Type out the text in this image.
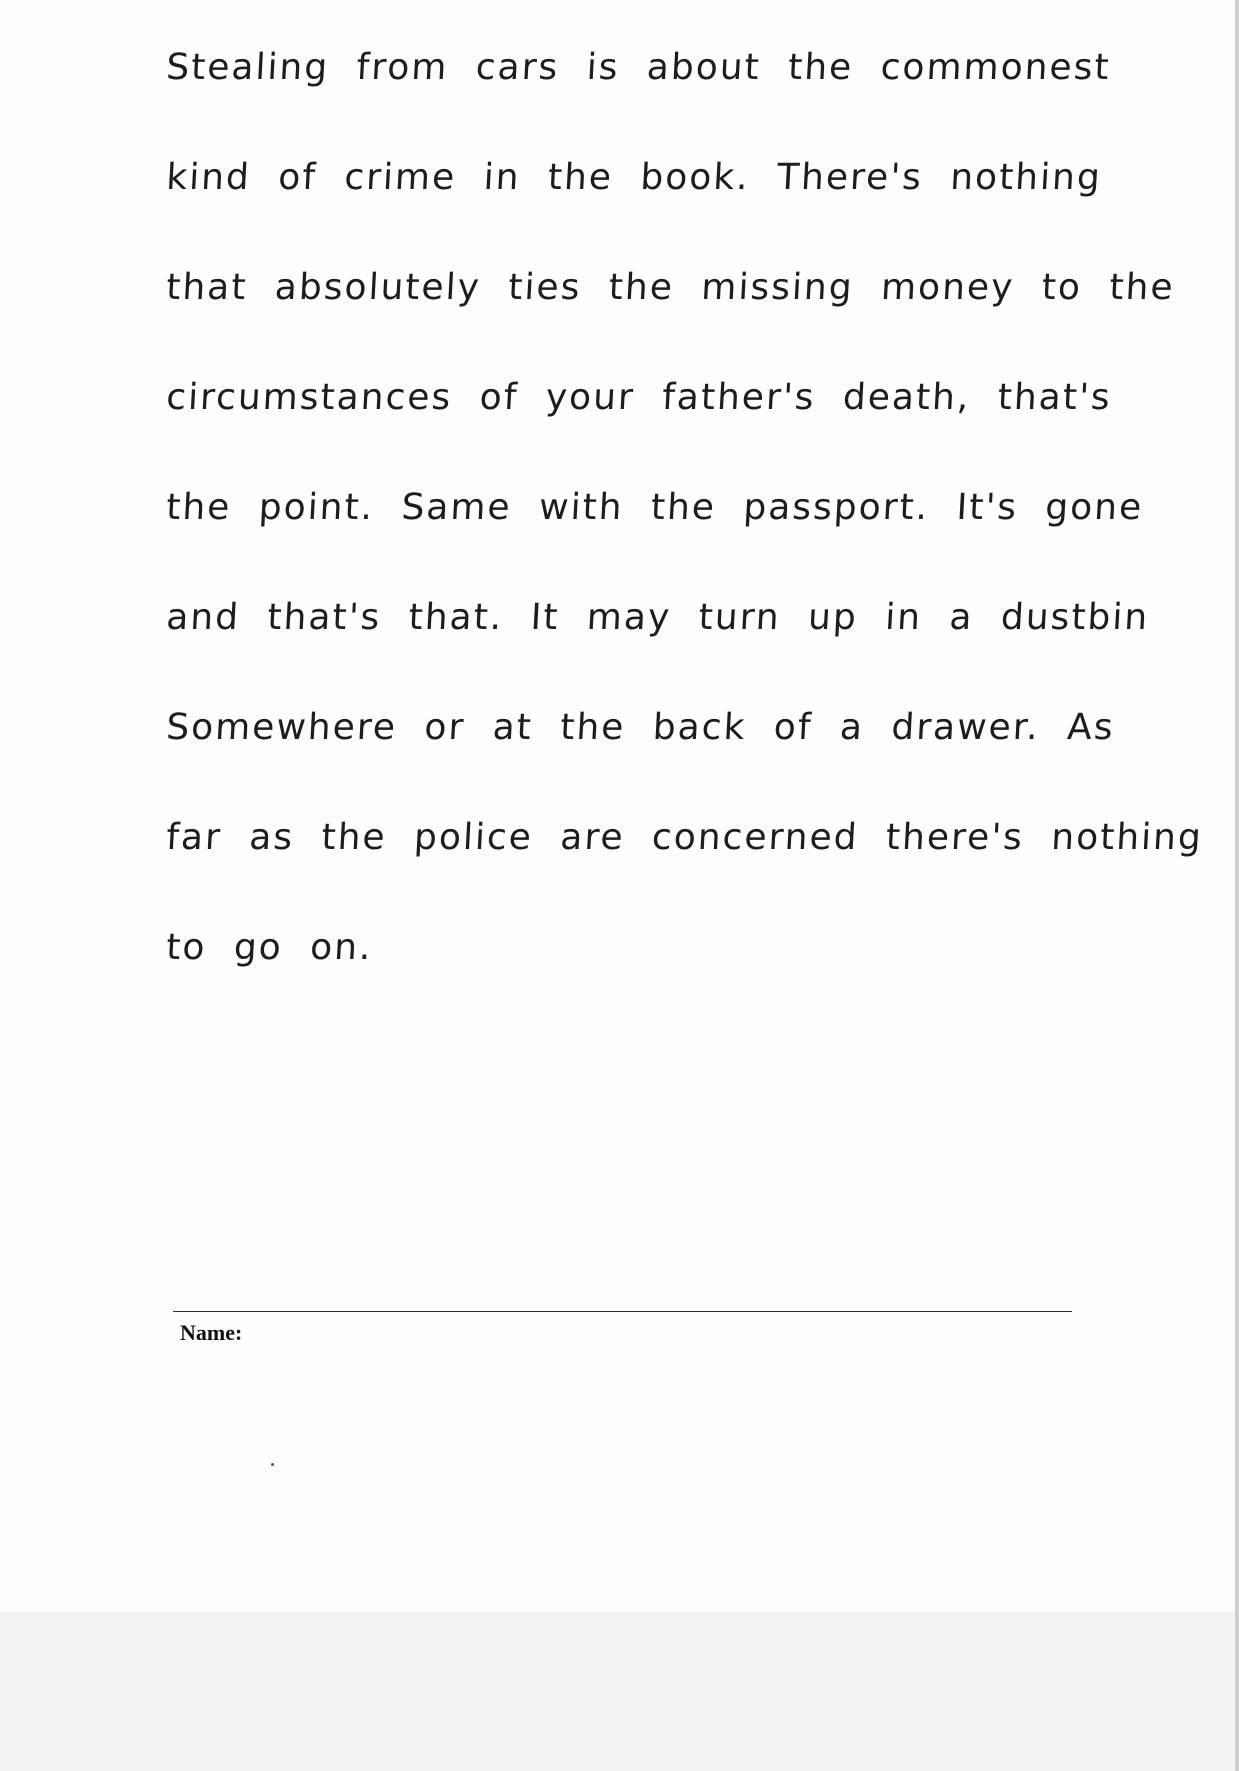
Stealing from cars is about the commonest
kind of crime in the book. There's nothing
that absolutely ties the missing money to the
circumstances of your father's death, that's
the point. Same with the passport. It's gone
and that's that. It may turn up in a dustbin
Somewhere or at the back of a drawer. As
far as the police are concerned there's nothing
to go on.
Name:
